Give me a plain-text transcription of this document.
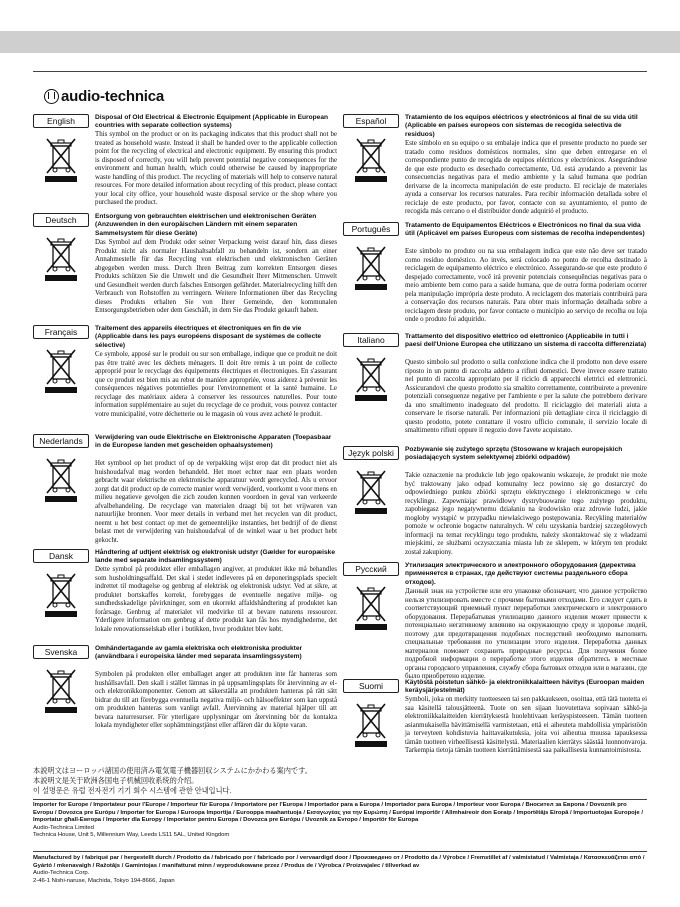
audio-technica
English	Disposal of Old Electrical & Electronic Equipment (Applicable in European countries with separate collection systems)
This symbol on the product or on its packaging indicates that this product shall not be treated as household waste. Instead it shall be handed over to the applicable collection point for the recycling of electrical and electronic equipment. By ensuring this product is disposed of correctly, you will help prevent potential negative consequences for the environment and human health, which could otherwise be caused by inappropriate waste handling of this product. The recycling of materials will help to conserve natural resources. For more detailed information about recycling of this product, please contact your local city office, your household waste disposal service or the shop where you purchased the product.
Deutsch	Entsorgung von gebrauchten elektrischen und elektronischen Geräten (Anzuwenden in den europäischen Ländern mit einem separaten Sammelsystem für diese Geräte)
Das Symbol auf dem Produkt oder seiner Verpackung weist darauf hin, dass dieses Produkt nicht als normaler Haushaltsabfall zu behandeln ist, sondern an einer Annahmestelle für das Recycling von elektrischen und elektronischen Geräten abgegeben werden muss. Durch Ihren Beitrag zum korrekten Entsorgen dieses Produkts schützen Sie die Umwelt und die Gesundheit Ihrer Mitmenschen. Umwelt und Gesundheit werden durch falsches Entsorgen gefährdet. Materialrecycling hilft den Verbrauch von Rohstoffen zu verringern. Weitere Informationen über das Recycling dieses Produkts erhalten Sie von Ihrer Gemeinde, den kommunalen Entsorgungsbetrieben oder dem Geschäft, in dem Sie das Produkt gekauft haben.
Français	Traitement des appareils électriques et électroniques en fin de vie (Applicable dans les pays européens disposant de systèmes de collecte sélective)
Ce symbole, apposé sur le produit ou sur son emballage, indique que ce produit ne doit pas être traité avec les déchets ménagers. Il doit être remis à un point de collecte approprié pour le recyclage des équipements électriques et électroniques. En s'assurant que ce produit est bien mis au rebut de manière appropriée, vous aiderez à prévenir les conséquences négatives potentielles pour l'environnement et la santé humaine. Le recyclage des matériaux aidera à conserver les ressources naturelles. Pour toute information supplémentaire au sujet du recyclage de ce produit, vous pouvez contacter votre municipalité, votre déchetterie ou le magasin où vous avez acheté le produit.
Nederlands	Verwijdering van oude Elektrische en Elektronische Apparaten (Toepasbaar in de Europese landen met gescheiden ophaalsystemen)
Het symbool op het product of op de verpakking wijst erop dat dit product niet als huishoudafval mag worden behandeld. Het moet echter naar een plaats worden gebracht waar elektrische en elektronische apparatuur wordt gerecycled. Als u ervoor zorgt dat dit product op de correcte manier wordt verwijderd, voorkomt u voor mens en milieu negatieve gevolgen die zich zouden kunnen voordoen in geval van verkeerde afvalbehandeling. De recyclage van materialen draagt bij tot het vrijwaren van natuurlijke bronnen. Voor meer details in verband met het recyclen van dit product, neemt u het best contact op met de gemeentelijke instanties, het bedrijf of de dienst belast met de verwijdering van huishoudafval of de winkel waar u het product hebt gekocht.
Dansk	Håndtering af udtjent elektrisk og elektronisk udstyr (Gælder for europæiske lande med separate indsamlingssystem)
Dette symbol på produktet eller emballagen angiver, at produktet ikke må behandles som husholdningsaffald. Det skal i stedet indleveres på en deponeringsplads specielt indrettet til modtagelse og genbrug af elektrisk og elektronisk udstyr. Ved at sikre, at produktet bortskaffes korrekt, forebygges de eventuelle negative miljø- og sundhedsskadelige påvirkninger, som en ukorrekt affaldshåndtering af produktet kan forårsage. Genbrug af materialet vil medvirke til at bevare naturens ressourcer. Yderligere information om genbrug af dette produkt kan fås hos myndighederne, det lokale renovationsselskab eller i butikken, hvor produktet blev købt.
Svenska	Omhändertagande av gamla elektriska och elektroniska produkter (användbara i europeiska länder med separata insamlingssystem)
Symbolen på produkten eller emballaget anger att produkten inte får hanteras som hushållsavfall. Den skall i stället lämnas in på uppsamlingsplats för återvinning av el- och elektronikkomponenter. Genom att säkerställa att produkten hanteras på rätt sätt bidrar du till att förebygga eventuella negativa miljö- och hälsoeffekter som kan uppstå om produkten hanteras som vanligt avfall. Återvinning av material hjälper till att bevara naturresurser. För ytterligare upplysningar om återvinning bör du kontakta lokala myndigheter eller sophämtningstjänst eller affären där du köpte varan.
Español	Tratamiento de los equipos eléctricos y electrónicos al final de su vida útil (Aplicable en países europeos con sistemas de recogida selectiva de residuos)
Este símbolo en su equipo o su embalaje indica que el presente producto no puede ser tratado como residuos domésticos normales, sino que deben entregarse en el correspondiente punto de recogida de equipos eléctricos y electrónicos. Asegurándose de que este producto es desechado correctamente, Ud. está ayudando a prevenir las consecuencias negativas para el medio ambiente y la salud humana que podrían derivarse de la incorrecta manipulación de este producto. El reciclaje de materiales ayuda a conservar los recursos naturales. Para recibir información detallada sobre el reciclaje de este producto, por favor, contacte con su ayuntamiento, el punto de recogida más cercano o el distribuidor donde adquirió el producto.
Português	Tratamento de Equipamentos Eléctricos e Electrónicos no final da sua vida útil (Aplicável em países Europeus com sistemas de recolha independentes)
Este símbolo no produto ou na sua embalagem indica que este não deve ser tratado como resíduo doméstico. Ao invés, será colocado no ponto de recolha destinado à reciclagem de equipamento eléctrico e electrónico. Assegurando-se que este produto é despejado correctamente, você irá prevenir potenciais consequências negativas para o meio ambiente bem como para a saúde humana, que de outra forma poderiam ocorrer pela manipulação imprópria deste produto. A reciclagem dos materiais contribuirá para a conservação dos recursos naturais. Para obter mais informação detalhada sobre a reciclagem deste produto, por favor contacte o município ao serviço de recolha ou loja onde o produto foi adquirido.
Italiano	Trattamento del dispositivo elettrico od elettronico (Applicabile in tutti i paesi dell'Unione Europea che utilizzano un sistema di raccolta differenziata)
Questo simbolo sul prodotto o sulla confezione indica che il prodotto non deve essere riposto in un punto di raccolta addetto a rifiuti domestici. Deve invece essere trattato nel punto di raccolta appropriato per il riciclo di apparecchi elettrici ed elettronici. Assicurandovi che questo prodotto sia smaltito correttamente, contribuirete a prevenire potenziali conseguenze negative per l'ambiente e per la salute che potrebbero derivare da uno smaltimento inadeguato del prodotto. Il riciclaggio dei materiali aiuta a conservare le risorse naturali. Per informazioni più dettagliate circa il riciclaggio di questo prodotto, potete contattare il vostro ufficio comunale, il servizio locale di smaltimento rifiuti oppure il negozio dove l'avete acquistato.
Język polski	Pozbywanie się zużytego sprzętu (Stosowane w krajach europejskich posiadających system selektywnej zbiórki odpadów)
Takie oznaczenie na produkcie lub jego opakowaniu wskazuje, że produkt nie może być traktowany jako odpad komunalny lecz powinno się go dostarczyć do odpowiedniego punktu zbiórki sprzętu elektrycznego i elektronicznego w celu recyklingu. Zapewniając prawidłowy dystrybuowanie tego zużytego produktu, zapobiegasz jego negatywnemu działaniu na środowisko oraz zdrowie ludzi, jakie mogłoby wystąpić w przypadku niewłaściwego postępowania. Recykling materiałów pomoże w ochronie bogactw naturalnych. W celu uzyskania bardziej szczegółowych informacji na temat recyklingu tego produktu, należy skontaktować się z władzami miejskimi, ze służbami oczyszczania miasta lub ze sklepem, w którym ten produkt został zakupiony.
Русский	Утилизация электрического и электронного оборудования (директива применяется в странах, где действуют системы раздельного сбора отходов).
Данный знак на устройстве или его упаковке обозначает, что данное устройство нельзя утилизировать вместе с прочими бытовыми отходами. Его следует сдать в соответствующий приемный пункт переработки электрического и электронного оборудования. Перерабатывая утилизацию данного изделия может привести к потенциально негативному влиянию на окружающую среду и здоровье людей, поэтому для предотвращения подобных последствий необходимо выполнять специальные требования по утилизации этого изделия. Переработка данных материалов поможет сохранить природные ресурсы. Для получения более подробной информации о переработке этого изделия обратитесь в местные органы городского управления, службу сбора бытовых отходов или в магазин, где было приобретено изделие.
Suomi	Käytöstä poistetun sähkö- ja elektroniikkalaitteen hävitys (Euroopan maiden keräysjärjestelmät)
Symboli, joka on merkitty tuotteeseen tai sen pakkaukseen, osoittaa, että tätä tuotetta ei saa käsitellä talousjätteenä. Tuote on sen sijaan luovutettava sopivaan sähkö-ja elektroniikkalaitteiden kierrätyksestä huolehtivaan keräyspisteeseen. Tämän tuotteen asianmukaisella hävittämisellä varmistetaan, että ei aiheuteta mahdollisia ympäristöön ja terveyteen kohdistuvia haittavaikutuksia, joita voi aiheutua muussa tapauksessa tämän tuotteen virheellisestä käsittelystä. Materiaalien kierrätys säästää luonnonvaroja. Tarkempia tietoja tämän tuotteen kierrättämisestä saa paikallisesta kunnantoimistosta.
本説明文はヨーロッパ諸国の使用済み電気電子機器回収システムにかかわる案内です。
本説明文是关于欧洲各国电子机械回收系统的介绍。
이 설명문은 유럽 전자전기 기기 회수 시스템에 관한 안내입니다.
Importer for Europe / Importateur pour l'Europe / Importeur für Europa / Importatore per l'Europa / Importador para a Europa / Importador para Europa / Importeur voor Europa / Вносител за Европа / Dovozník pro Evropu / Dovozca pre Európu / Importør for Europa / Euroopa Importija / Eurooppa maahantuoja / Εισαγωγέας για την Ευρώπη / Európai importőr / Allmhaireoir don Eoraip / Importētājs Eiropā / Importuotojas Europoje / Importatur għall-Ewropa / Importer dla Europy / Importator pentru Europa / Dovozca pre Európu / Uvoznik za Evropo / Importör för Europa
Audio-Technica Limited
Technica House, Unit 5, Millennium Way, Leeds LS11 5AL, United Kingdom
Manufactured by / fabriqué par / hergestellt durch / Prodotto da / fabricado por / fabricado por / vervaardigd door / Произведено от / Prodotto da / Výrobce / Fremstillet af / valmistatud / Valmistaja / Κατασκευάζεται από / Gyártó / mkenavaigh / Ražotājs / Gamintojas / manifatturat minn / wyprodukowane przez / Produs de / Výrobca / Proizvajalec / tillverkad av
Audio-Technica Corp.
2-46-1 Nishi-naruse, Machida, Tokyo 194-8666, Japan
